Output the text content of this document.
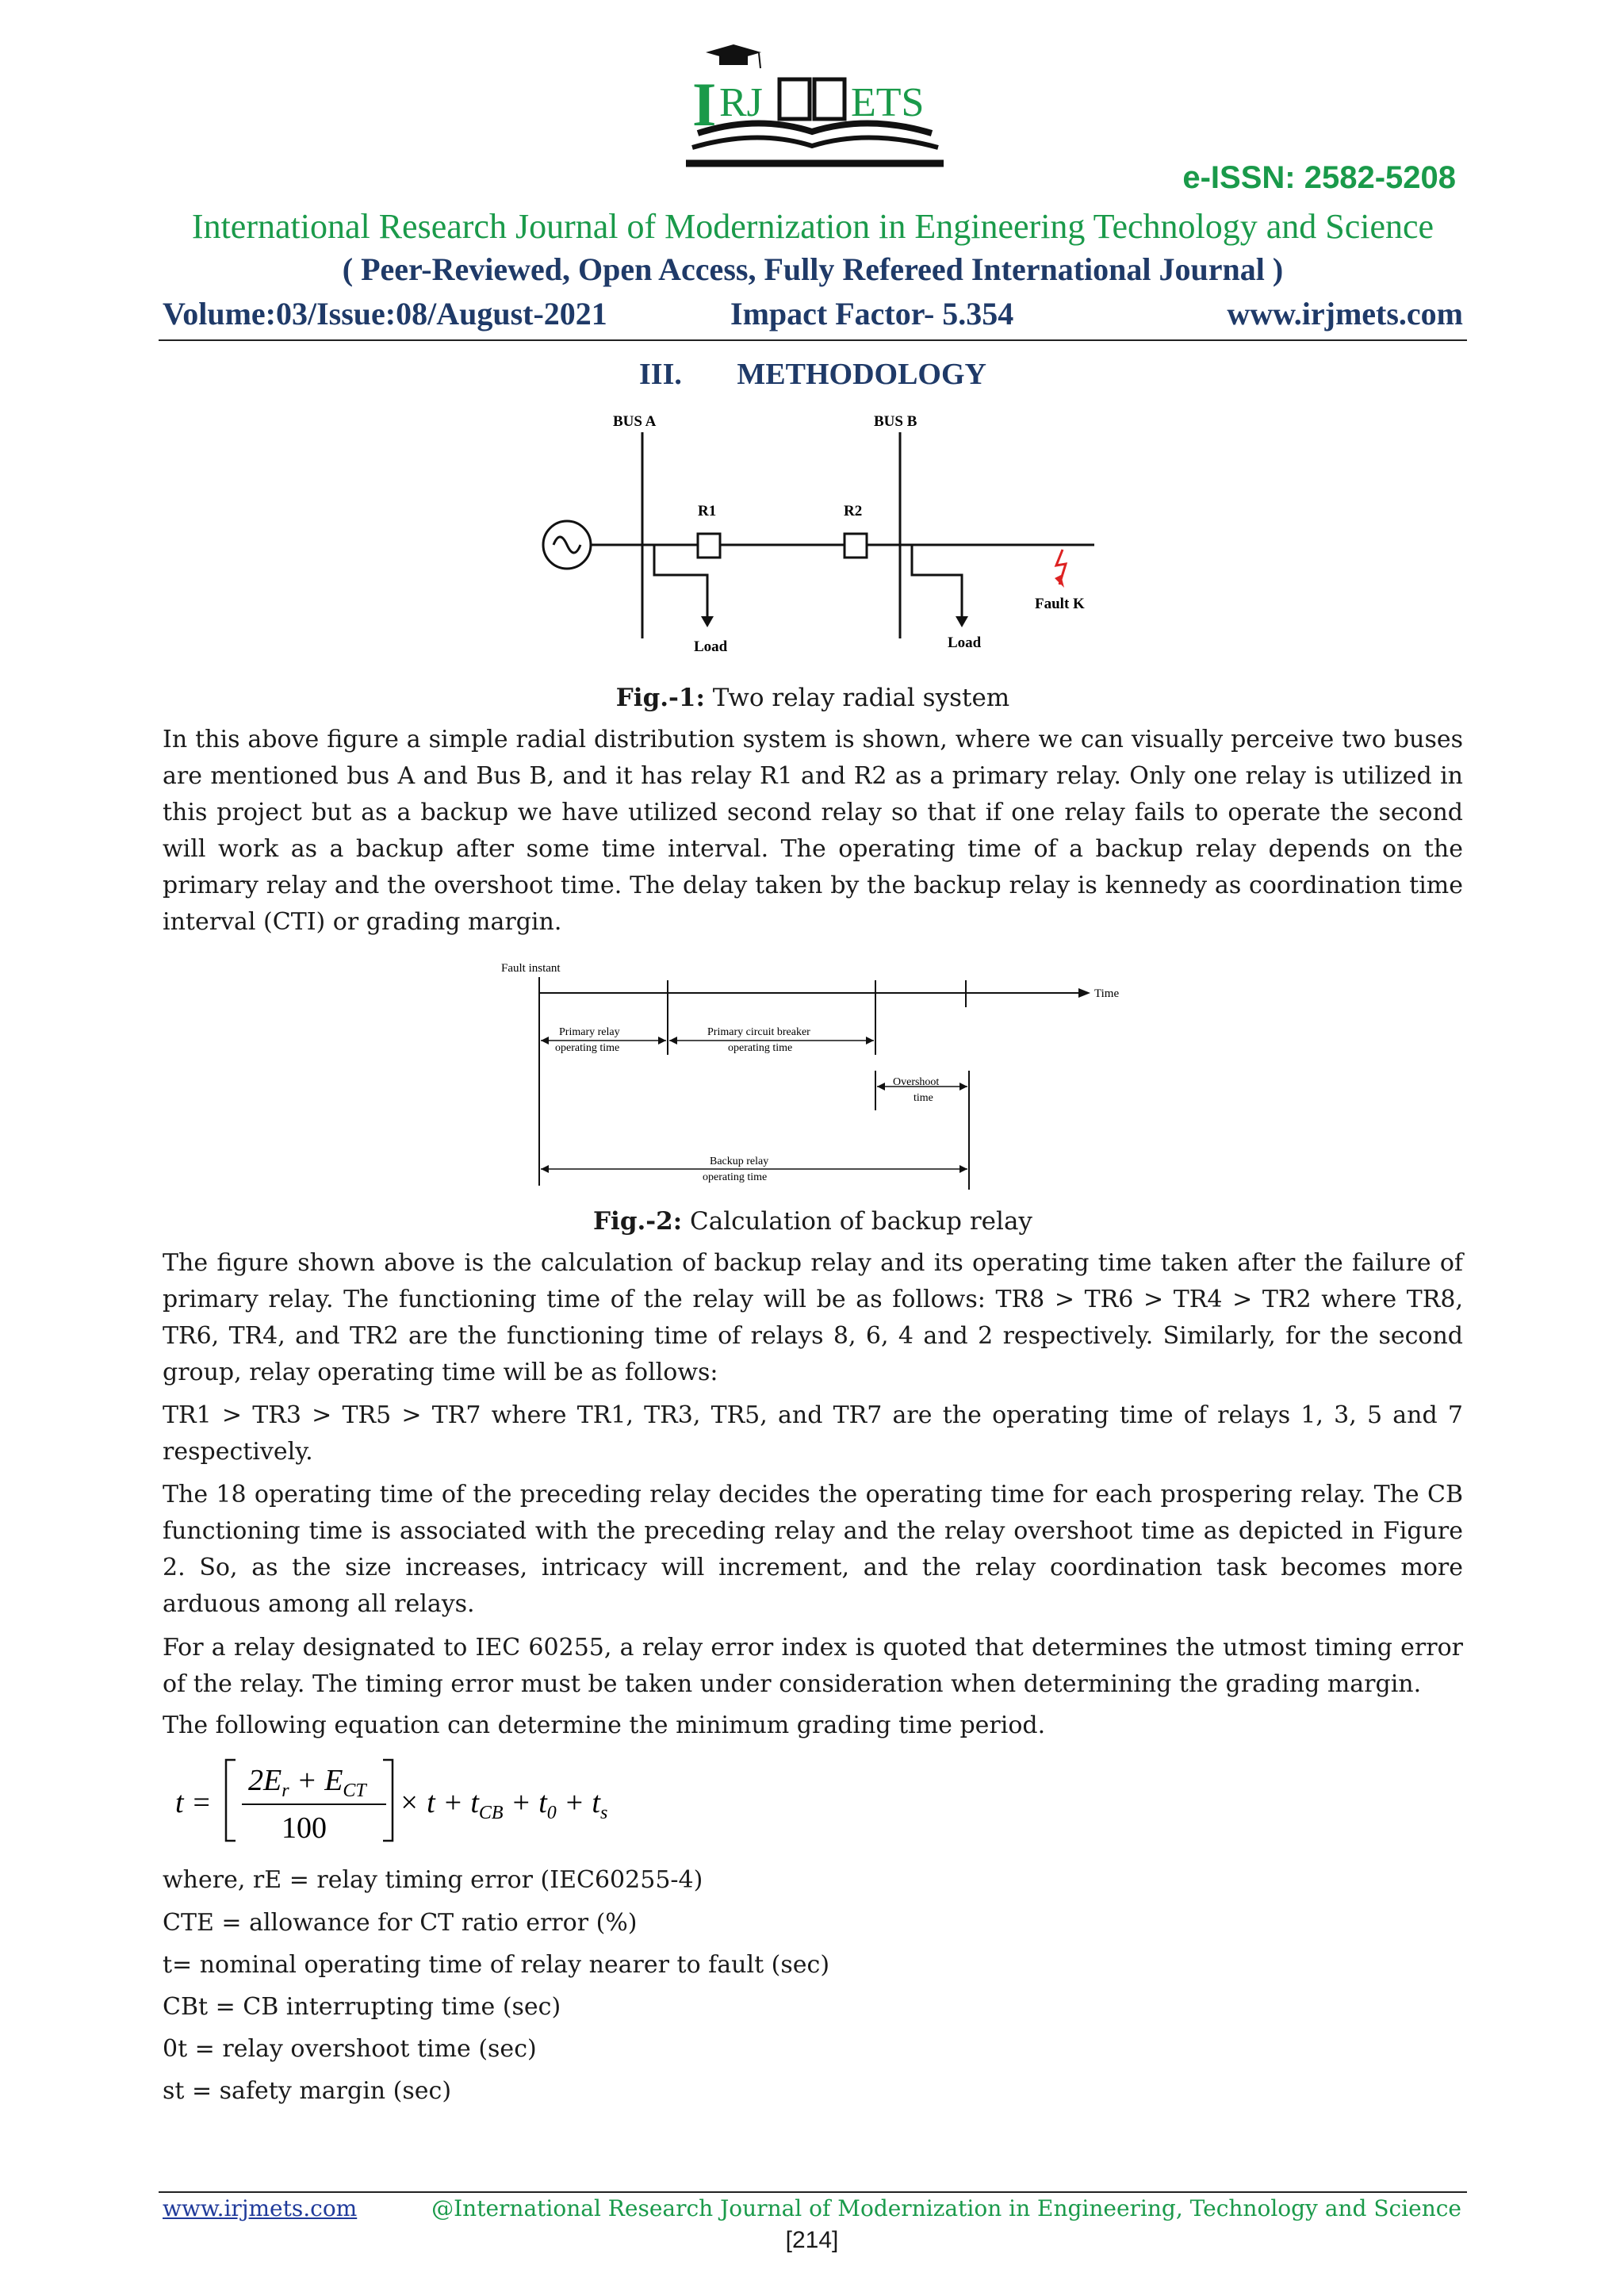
I RJ ETS
e-ISSN: 2582-5208
International Research Journal of Modernization in Engineering Technology and Science
( Peer-Reviewed, Open Access, Fully Refereed International Journal )
Volume:03/Issue:08/August-2021	Impact Factor- 5.354	www.irjmets.com
III. METHODOLOGY
BUS A	BUS B
R1	R2
Load	Load
Fault K
Fig.-1: Two relay radial system
In this above figure a simple radial distribution system is shown, where we can visually perceive two buses are mentioned bus A and Bus B, and it has relay R1 and R2 as a primary relay. Only one relay is utilized in this project but as a backup we have utilized second relay so that if one relay fails to operate the second will work as a backup after some time interval. The operating time of a backup relay depends on the primary relay and the overshoot time. The delay taken by the backup relay is kennedy as coordination time interval (CTI) or grading margin.
Fault instant
Time
Primary relay
operating time
Primary circuit breaker
operating time
Overshoot
time
Backup relay
operating time
Fig.-2: Calculation of backup relay
The figure shown above is the calculation of backup relay and its operating time taken after the failure of primary relay. The functioning time of the relay will be as follows: TR8 > TR6 > TR4 > TR2 where TR8, TR6, TR4, and TR2 are the functioning time of relays 8, 6, 4 and 2 respectively. Similarly, for the second group, relay operating time will be as follows:
TR1 > TR3 > TR5 > TR7 where TR1, TR3, TR5, and TR7 are the operating time of relays 1, 3, 5 and 7 respectively.
The 18 operating time of the preceding relay decides the operating time for each prospering relay. The CB functioning time is associated with the preceding relay and the relay overshoot time as depicted in Figure 2. So, as the size increases, intricacy will increment, and the relay coordination task becomes more arduous among all relays.
For a relay designated to IEC 60255, a relay error index is quoted that determines the utmost timing error of the relay. The timing error must be taken under consideration when determining the grading margin.
The following equation can determine the minimum grading time period.
t =
$2E_r + E_{CT}$
100
× $t + t_{CB} + t_0 + t_s$
where, rE = relay timing error (IEC60255-4)
CTE = allowance for CT ratio error (%)
t= nominal operating time of relay nearer to fault (sec)
CBt = CB interrupting time (sec)
0t = relay overshoot time (sec)
st = safety margin (sec)
www.irjmets.com	@International Research Journal of Modernization in Engineering, Technology and Science
[214]
